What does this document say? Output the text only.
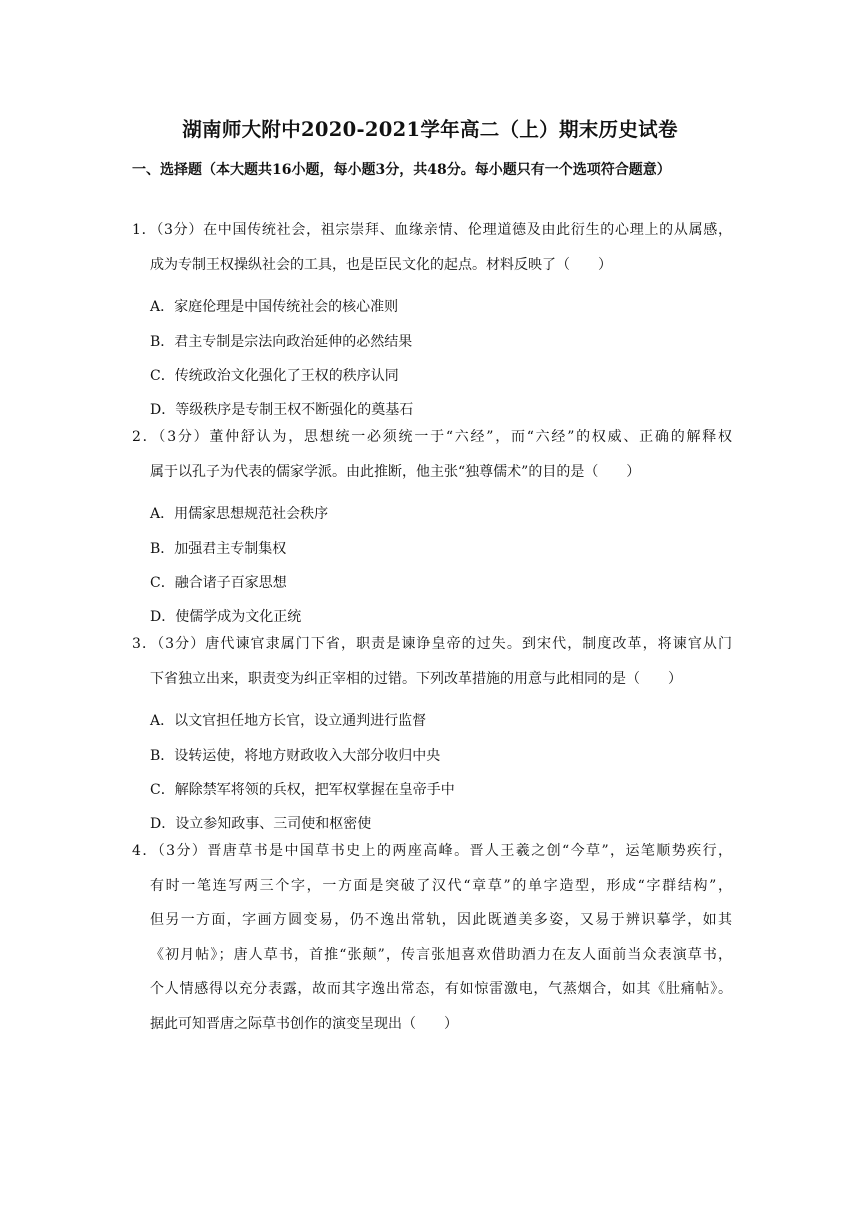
湖南师大附中2020-2021学年高二（上）期末历史试卷
一、选择题（本大题共16小题，每小题3分，共48分。每小题只有一个选项符合题意）
1．（3分）在中国传统社会，祖宗崇拜、血缘亲情、伦理道德及由此衍生的心理上的从属感，
成为专制王权操纵社会的工具，也是臣民文化的起点。材料反映了（　　）
A．家庭伦理是中国传统社会的核心准则
B．君主专制是宗法向政治延伸的必然结果
C．传统政治文化强化了王权的秩序认同
D．等级秩序是专制王权不断强化的奠基石
2．（3分）董仲舒认为，思想统一必须统一于“六经”，而“六经”的权威、正确的解释权
属于以孔子为代表的儒家学派。由此推断，他主张“独尊儒术”的目的是（　　）
A．用儒家思想规范社会秩序
B．加强君主专制集权
C．融合诸子百家思想
D．使儒学成为文化正统
3．（3分）唐代谏官隶属门下省，职责是谏诤皇帝的过失。到宋代，制度改革，将谏官从门
下省独立出来，职责变为纠正宰相的过错。下列改革措施的用意与此相同的是（　　）
A．以文官担任地方长官，设立通判进行监督
B．设转运使，将地方财政收入大部分收归中央
C．解除禁军将领的兵权，把军权掌握在皇帝手中
D．设立参知政事、三司使和枢密使
4．（3分）晋唐草书是中国草书史上的两座高峰。晋人王羲之创“今草”，运笔顺势疾行，
有时一笔连写两三个字，一方面是突破了汉代“章草”的单字造型，形成“字群结构”，
但另一方面，字画方圆变易，仍不逸出常轨，因此既遒美多姿，又易于辨识摹学，如其
《初月帖》；唐人草书，首推“张颠”，传言张旭喜欢借助酒力在友人面前当众表演草书，
个人情感得以充分表露，故而其字逸出常态，有如惊雷激电，气蒸烟合，如其《肚痛帖》。
据此可知晋唐之际草书创作的演变呈现出（　　）
